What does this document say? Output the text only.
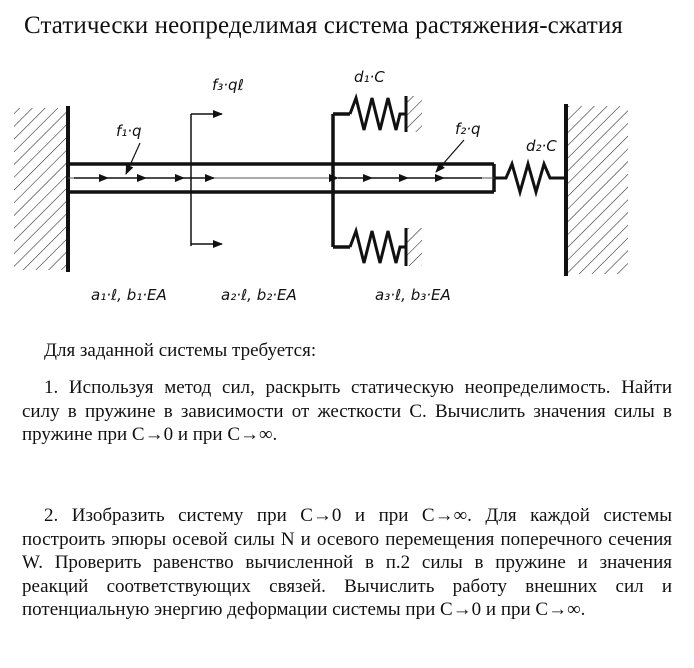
Статически неопределимая система растяжения-сжатия
f₃·qℓ
f₁·q
d₁·C
f₂·q
d₂·C
a₁·ℓ, b₁·EA	a₂·ℓ, b₂·EA	a₃·ℓ, b₃·EA

Для заданной системы требуется:

1. Используя метод сил, раскрыть статическую неопределимость. Найти силу в пружине в зависимости от жесткости С. Вычислить значения силы в пружине при С→0 и при С→∞.

2. Изобразить систему при С→0 и при С→∞. Для каждой системы построить эпюры осевой силы N и осевого перемещения поперечного сечения W. Проверить равенство вычисленной в п.2 силы в пружине и значения реакций соответствующих связей. Вычислить работу внешних сил и потенциальную энергию деформации системы при С→0 и при С→∞.
